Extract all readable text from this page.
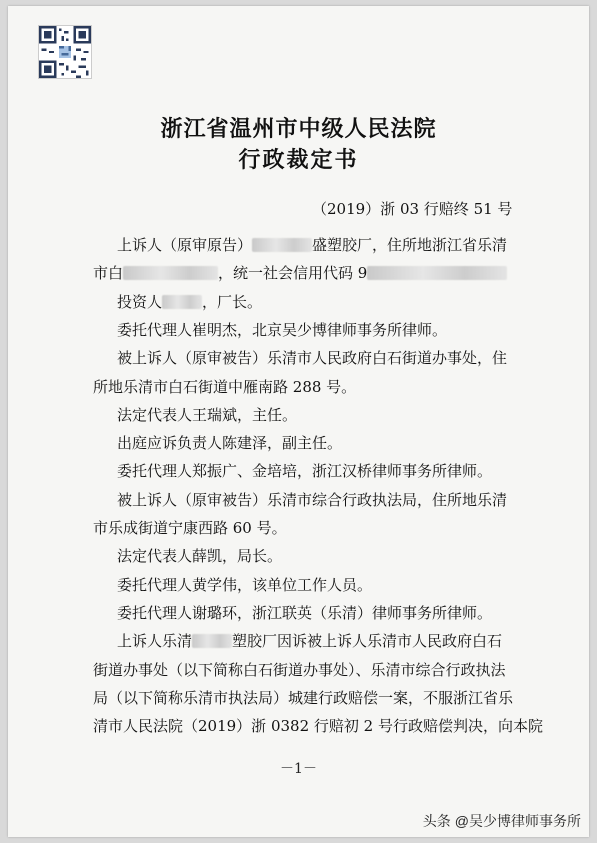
浙江省温州市中级人民法院
行政裁定书
（2019）浙 03 行赔终 51 号
上诉人（原审原告）	盛塑胶厂，住所地浙江省乐清
市白	，统一社会信用代码 9
投资人	，厂长。
委托代理人崔明杰，北京吴少博律师事务所律师。
被上诉人（原审被告）乐清市人民政府白石街道办事处，住
所地乐清市白石街道中雁南路 288 号。
法定代表人王瑞斌，主任。
出庭应诉负责人陈建泽，副主任。
委托代理人郑振广、金培培，浙江汉桥律师事务所律师。
被上诉人（原审被告）乐清市综合行政执法局，住所地乐清
市乐成街道宁康西路 60 号。
法定代表人薛凯，局长。
委托代理人黄学伟，该单位工作人员。
委托代理人谢璐环，浙江联英（乐清）律师事务所律师。
上诉人乐清	塑胶厂因诉被上诉人乐清市人民政府白石
街道办事处（以下简称白石街道办事处）、乐清市综合行政执法
局（以下简称乐清市执法局）城建行政赔偿一案，不服浙江省乐
清市人民法院（2019）浙 0382 行赔初 2 号行政赔偿判决，向本院
－1－
头条 @吴少博律师事务所
